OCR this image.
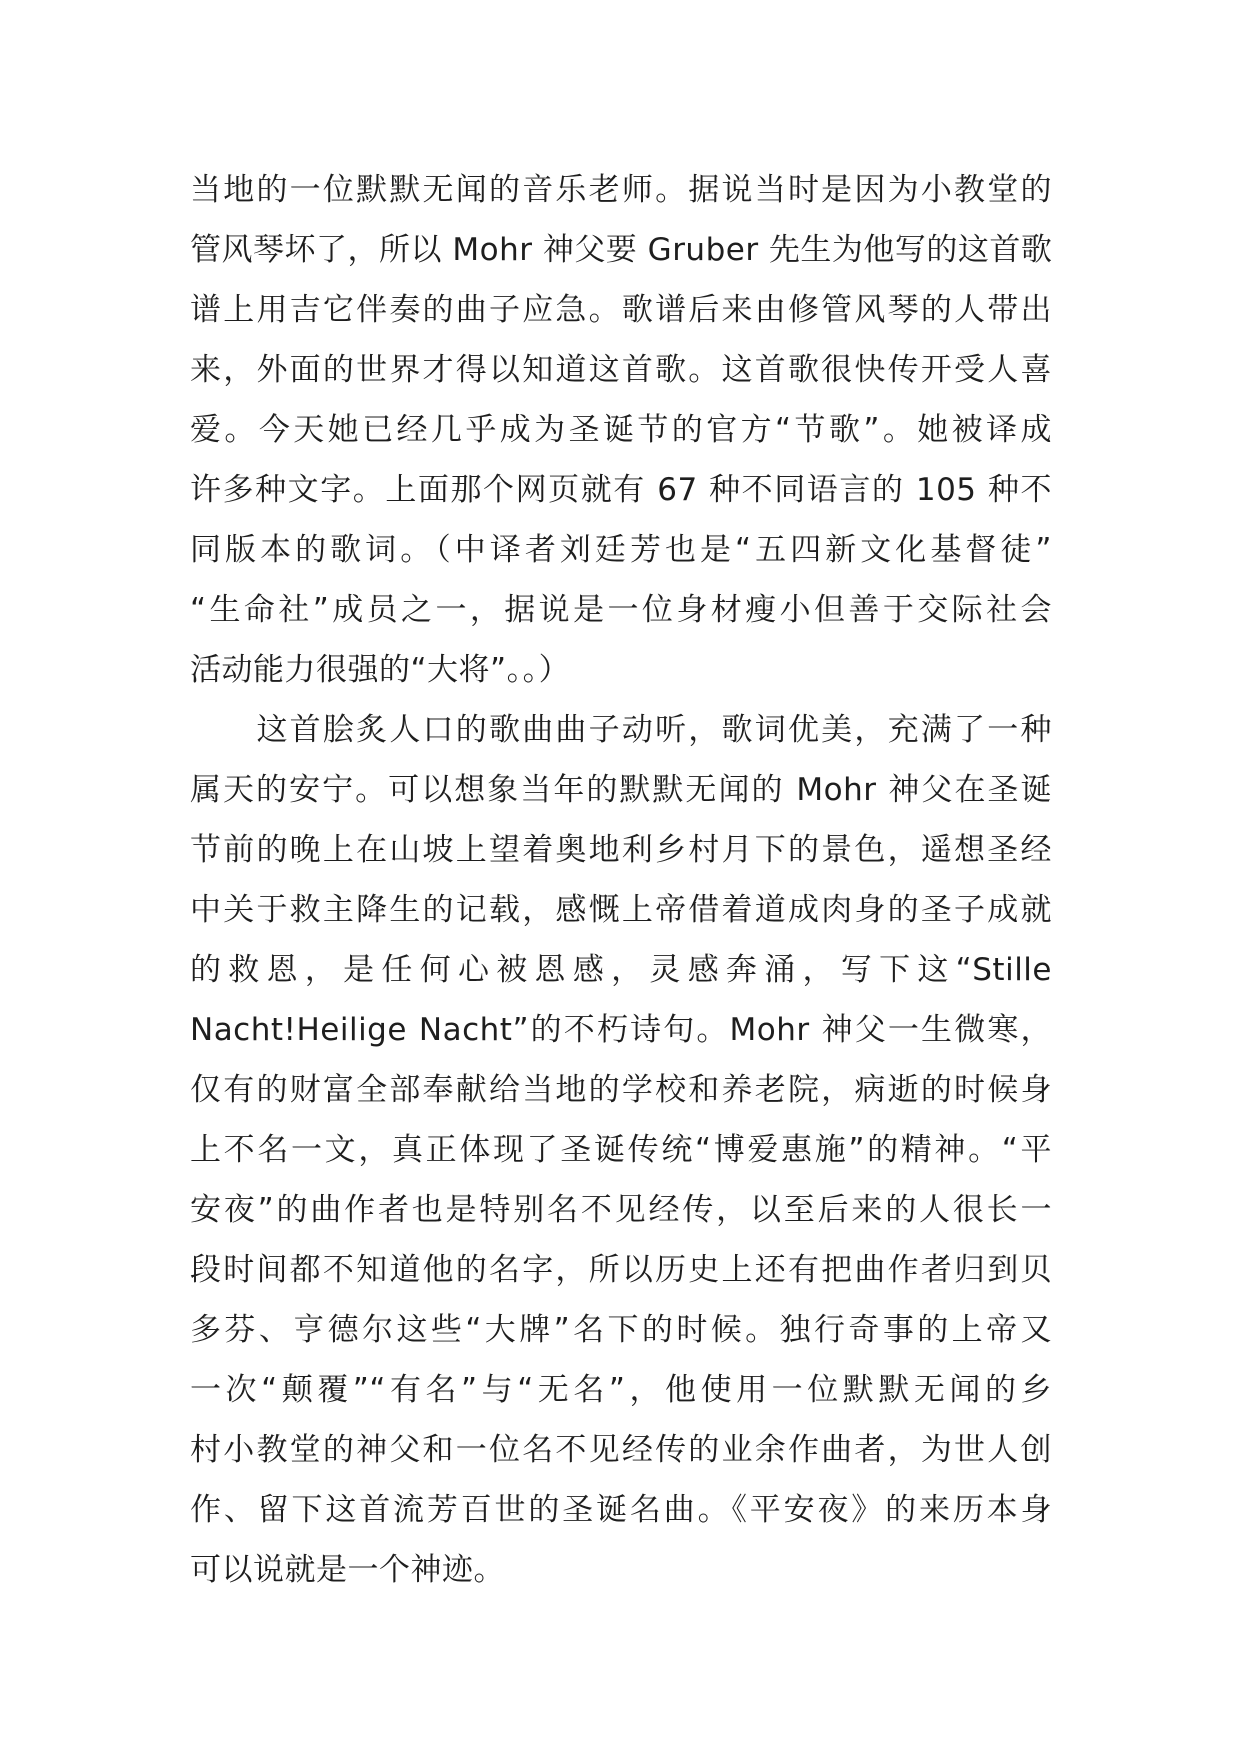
当地的一位默默无闻的音乐老师。据说当时是因为小教堂的
管风琴坏了，所以 Mohr 神父要 Gruber 先生为他写的这首歌
谱上用吉它伴奏的曲子应急。歌谱后来由修管风琴的人带出
来，外面的世界才得以知道这首歌。这首歌很快传开受人喜
爱。今天她已经几乎成为圣诞节的官方“节歌”。她被译成
许多种文字。上面那个网页就有 67 种不同语言的 105 种不
同版本的歌词。（中译者刘廷芳也是“五四新文化基督徒”
“生命社”成员之一，据说是一位身材瘦小但善于交际社会
活动能力很强的“大将”。。）
　　这首脍炙人口的歌曲曲子动听，歌词优美，充满了一种
属天的安宁。可以想象当年的默默无闻的 Mohr 神父在圣诞
节前的晚上在山坡上望着奥地利乡村月下的景色，遥想圣经
中关于救主降生的记载，感慨上帝借着道成肉身的圣子成就
的救恩，是任何心被恩感，灵感奔涌，写下这“Stille
Nacht!Heilige Nacht”的不朽诗句。Mohr 神父一生微寒，
仅有的财富全部奉献给当地的学校和养老院，病逝的时候身
上不名一文，真正体现了圣诞传统“博爱惠施”的精神。“平
安夜”的曲作者也是特别名不见经传，以至后来的人很长一
段时间都不知道他的名字，所以历史上还有把曲作者归到贝
多芬、亨德尔这些“大牌”名下的时候。独行奇事的上帝又
一次“颠覆”“有名”与“无名”，他使用一位默默无闻的乡
村小教堂的神父和一位名不见经传的业余作曲者，为世人创
作、留下这首流芳百世的圣诞名曲。《平安夜》的来历本身
可以说就是一个神迹。
